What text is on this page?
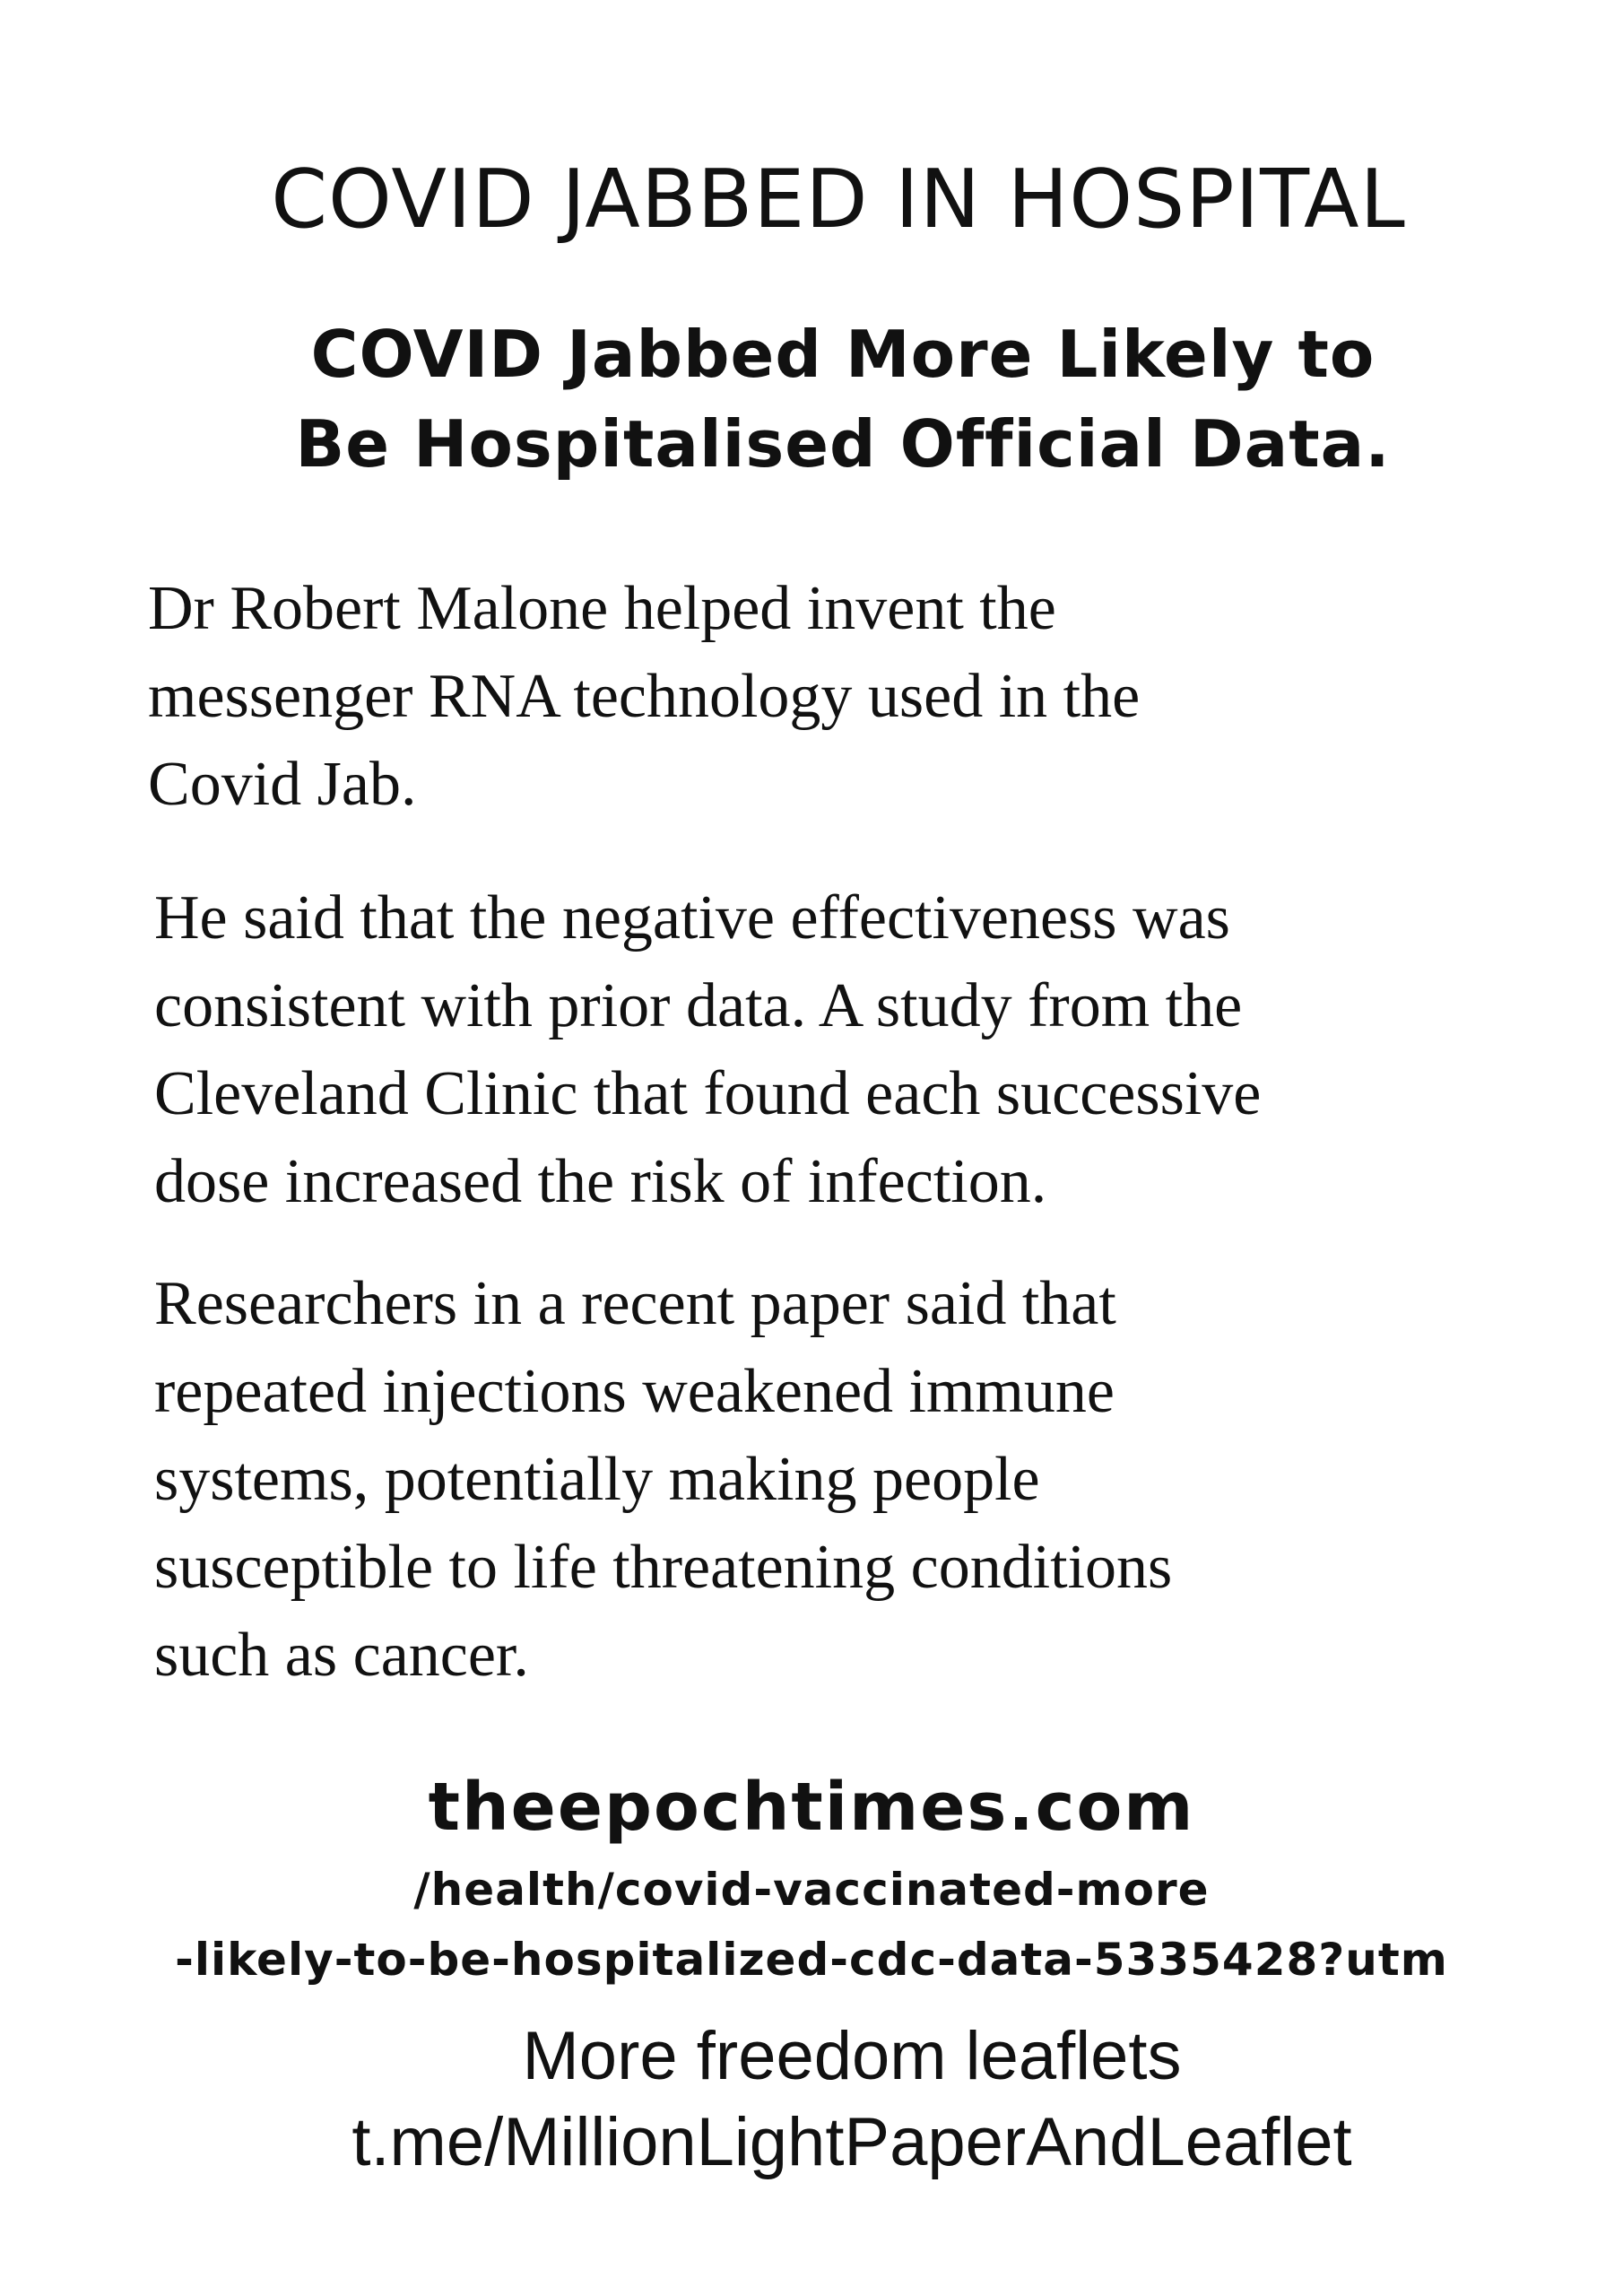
COVID JABBED IN HOSPITAL
COVID Jabbed More Likely to
Be Hospitalised Official Data.
Dr Robert Malone helped invent the
messenger RNA technology used in the
Covid Jab.
He said that the negative effectiveness was
consistent with prior data. A study from the
Cleveland Clinic that found each successive
dose increased the risk of infection.
Researchers in a recent paper said that
repeated injections weakened immune
systems, potentially making people
susceptible to life threatening conditions
such as cancer.
theepochtimes.com
/health/covid-vaccinated-more
-likely-to-be-hospitalized-cdc-data-5335428?utm
More freedom leaflets
t.me/MillionLightPaperAndLeaflet
